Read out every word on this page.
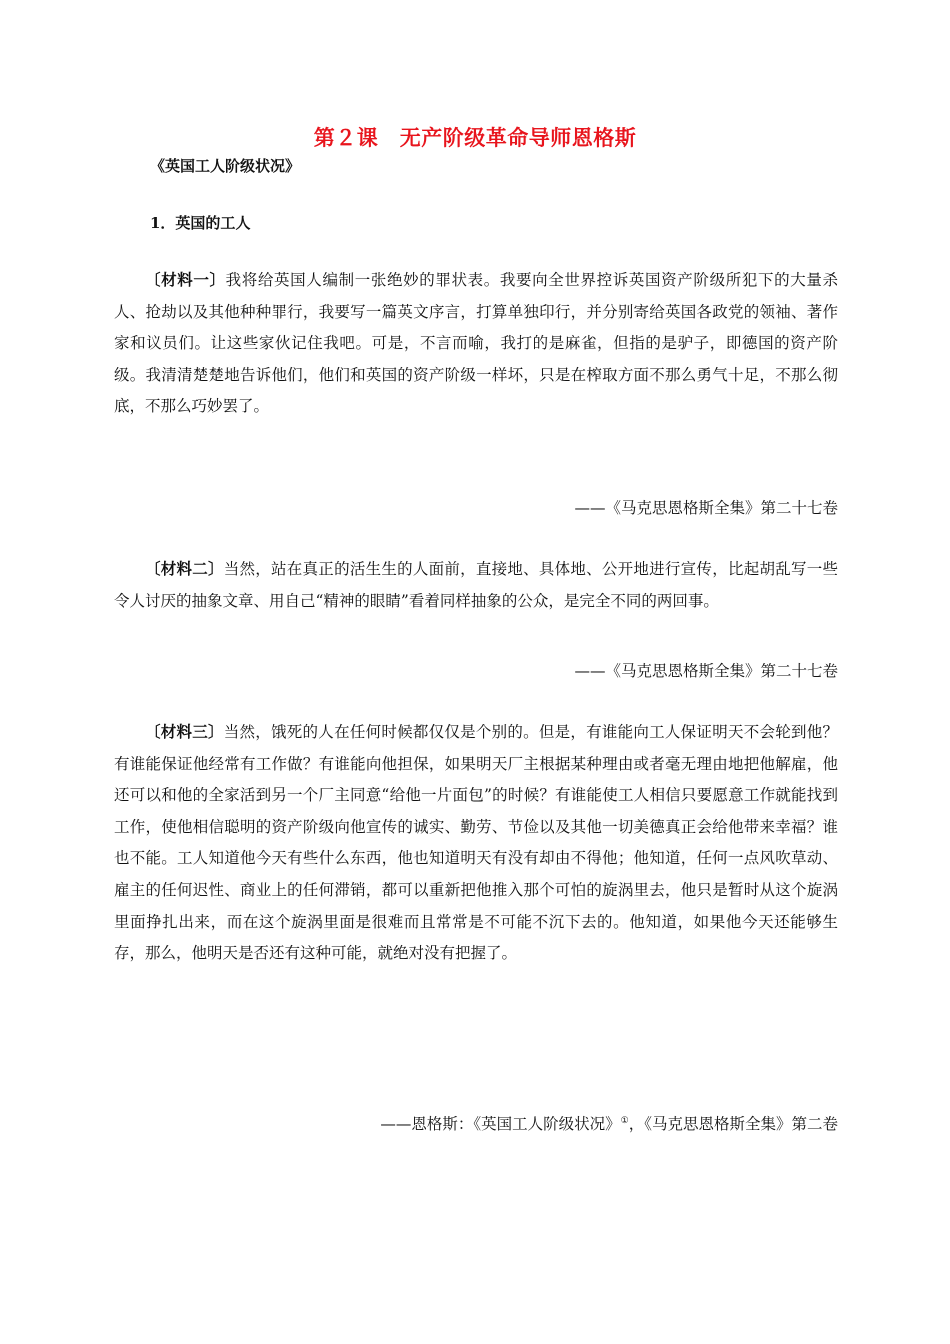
第２课　无产阶级革命导师恩格斯
《英国工人阶级状况》
1．英国的工人

〔材料一〕我将给英国人编制一张绝妙的罪状表。我要向全世界控诉英国资产阶级所犯下的大量杀人、抢劫以及其他种种罪行，我要写一篇英文序言，打算单独印行，并分别寄给英国各政党的领袖、著作家和议员们。让这些家伙记住我吧。可是，不言而喻，我打的是麻雀，但指的是驴子，即德国的资产阶级。我清清楚楚地告诉他们，他们和英国的资产阶级一样坏，只是在榨取方面不那么勇气十足，不那么彻底，不那么巧妙罢了。

——《马克思恩格斯全集》第二十七卷

〔材料二〕当然，站在真正的活生生的人面前，直接地、具体地、公开地进行宣传，比起胡乱写一些令人讨厌的抽象文章、用自己“精神的眼睛”看着同样抽象的公众，是完全不同的两回事。

——《马克思恩格斯全集》第二十七卷

〔材料三〕当然，饿死的人在任何时候都仅仅是个别的。但是，有谁能向工人保证明天不会轮到他？有谁能保证他经常有工作做？有谁能向他担保，如果明天厂主根据某种理由或者毫无理由地把他解雇，他还可以和他的全家活到另一个厂主同意“给他一片面包”的时候？有谁能使工人相信只要愿意工作就能找到工作，使他相信聪明的资产阶级向他宣传的诚实、勤劳、节俭以及其他一切美德真正会给他带来幸福？谁也不能。工人知道他今天有些什么东西，他也知道明天有没有却由不得他；他知道，任何一点风吹草动、雇主的任何迟性、商业上的任何滞销，都可以重新把他推入那个可怕的旋涡里去，他只是暂时从这个旋涡里面挣扎出来，而在这个旋涡里面是很难而且常常是不可能不沉下去的。他知道，如果他今天还能够生存，那么，他明天是否还有这种可能，就绝对没有把握了。

——恩格斯：《英国工人阶级状况》①，《马克思恩格斯全集》第二卷
